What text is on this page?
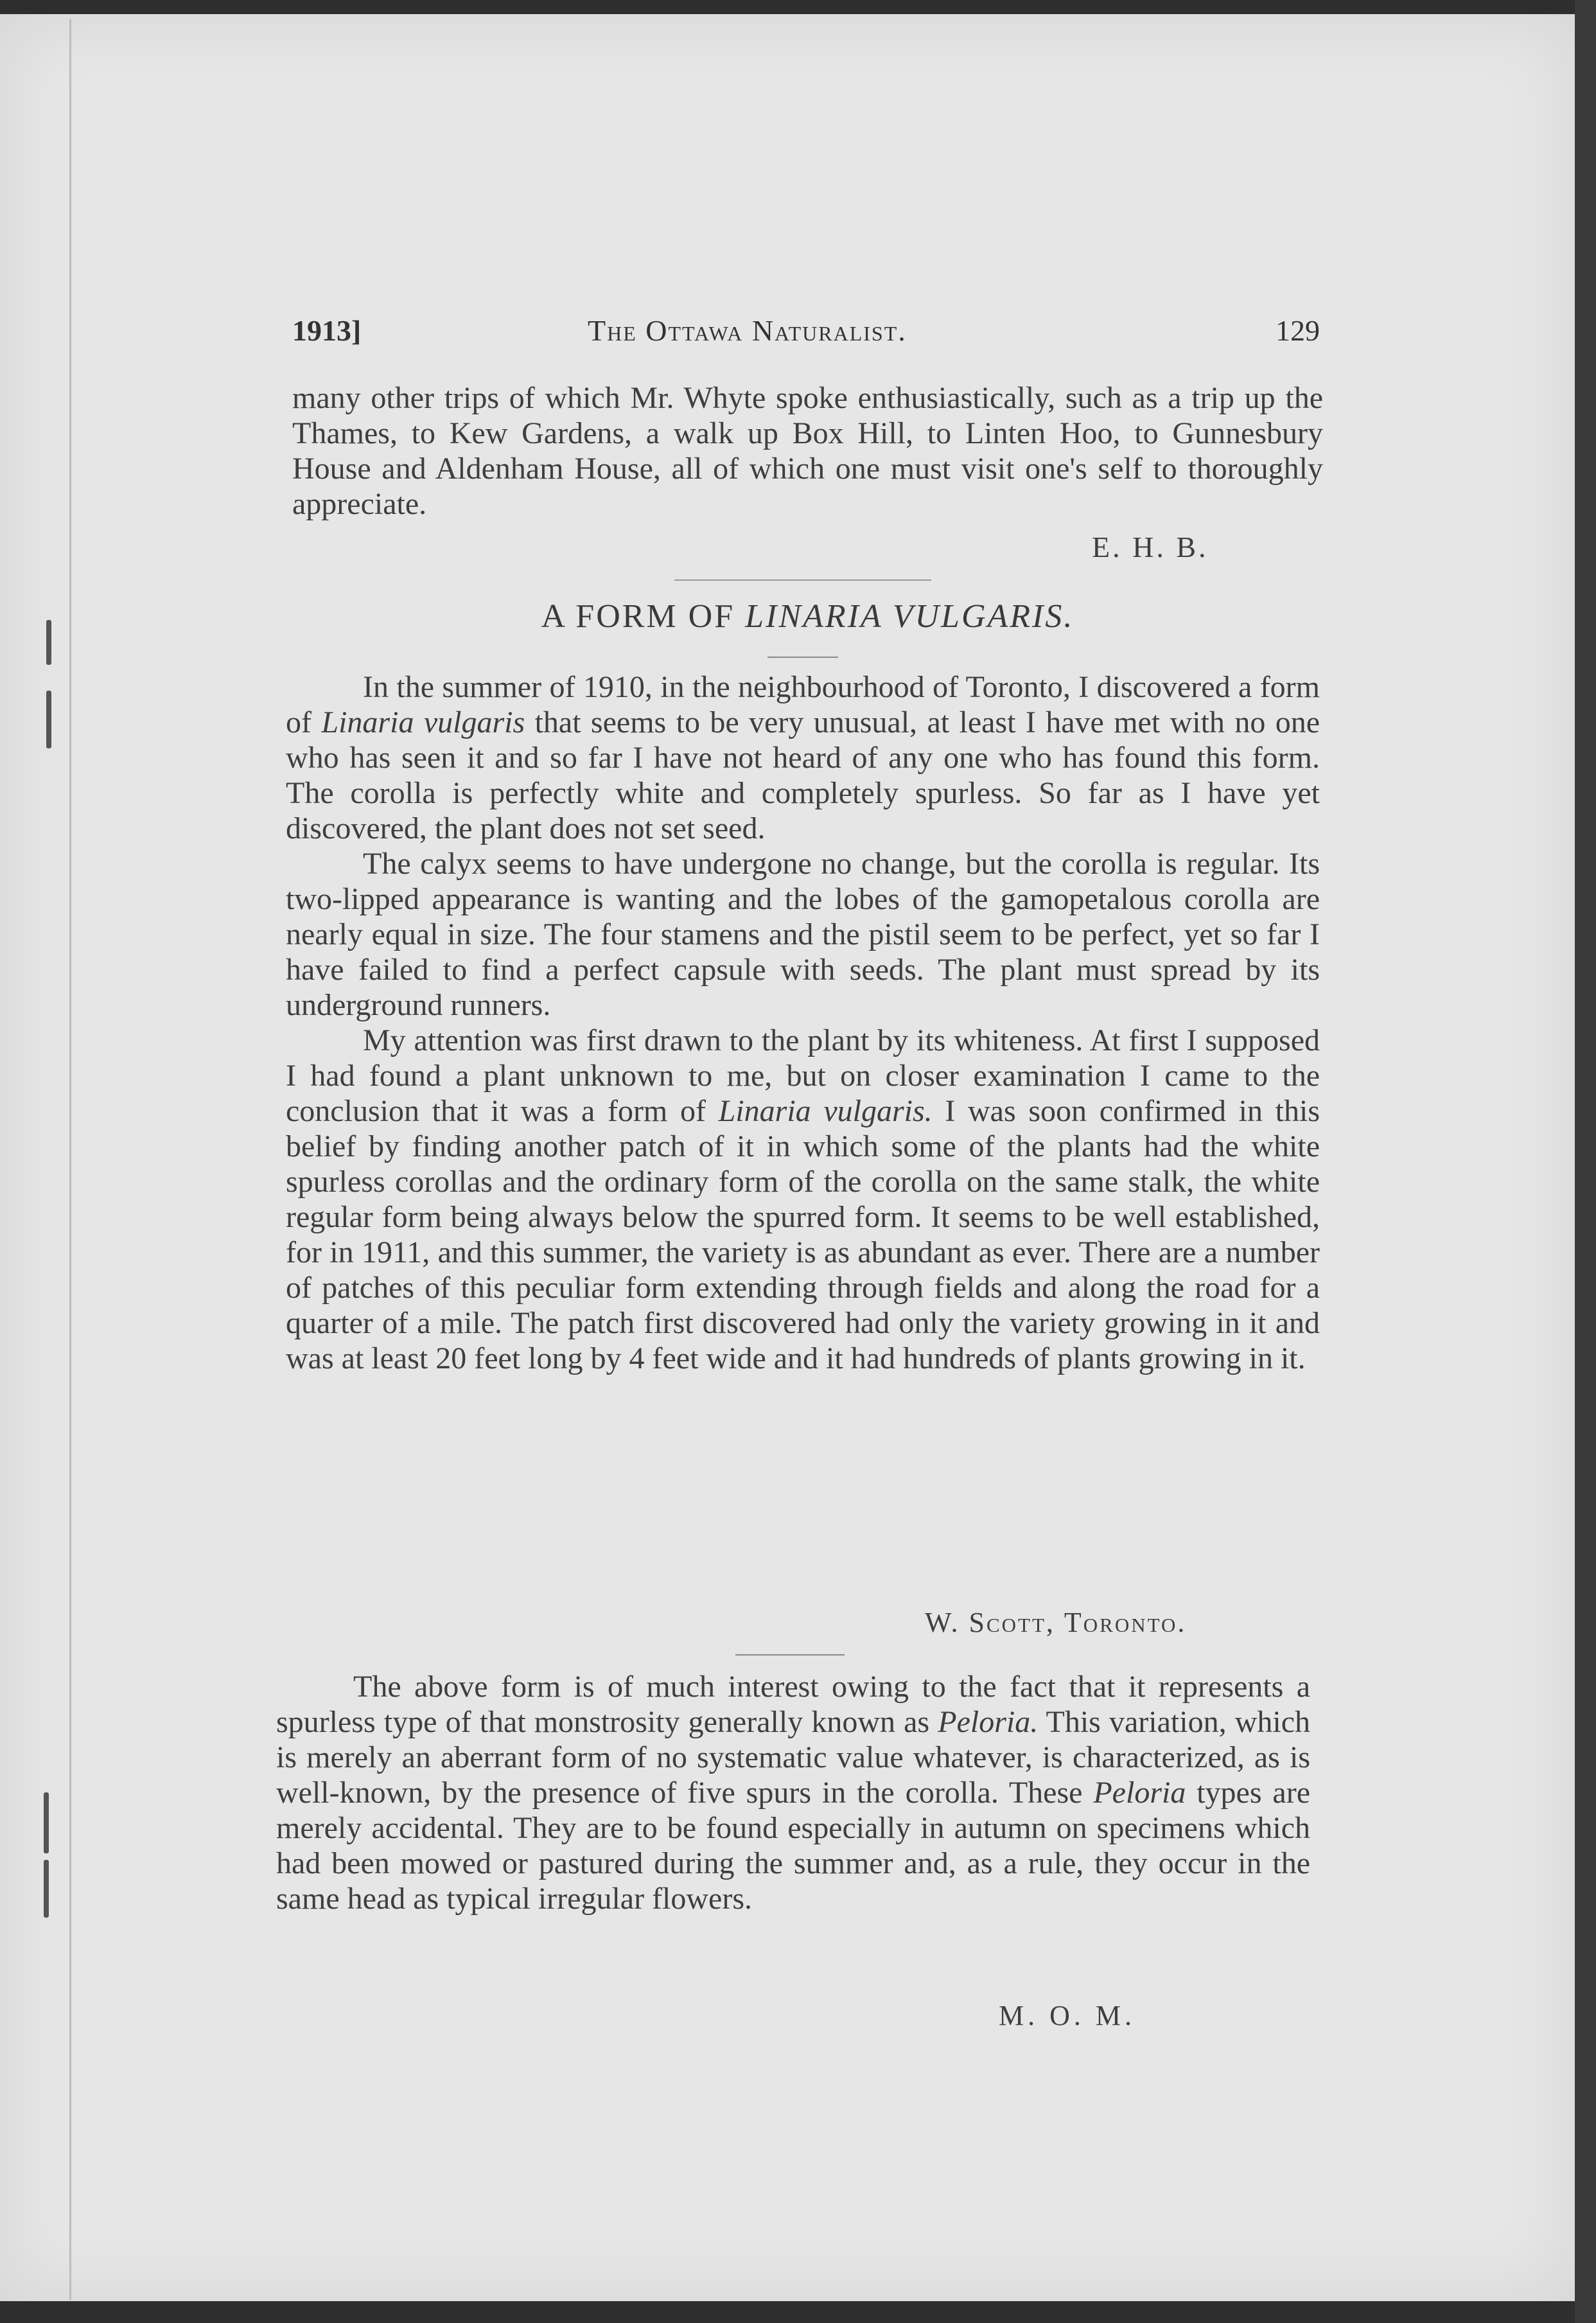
1913]	The Ottawa Naturalist.	129
many other trips of which Mr. Whyte spoke enthusiastically, such as a trip up the Thames, to Kew Gardens, a walk up Box Hill, to Linten Hoo, to Gunnesbury House and Aldenham House, all of which one must visit one's self to thoroughly appreciate.
E. H. B.
A FORM OF LINARIA VULGARIS.

In the summer of 1910, in the neighbourhood of Toronto, I discovered a form of Linaria vulgaris that seems to be very unusual, at least I have met with no one who has seen it and so far I have not heard of any one who has found this form. The corolla is perfectly white and completely spurless. So far as I have yet discovered, the plant does not set seed.

The calyx seems to have undergone no change, but the corolla is regular. Its two-lipped appearance is wanting and the lobes of the gamopetalous corolla are nearly equal in size. The four stamens and the pistil seem to be perfect, yet so far I have failed to find a perfect capsule with seeds. The plant must spread by its underground runners.

My attention was first drawn to the plant by its whiteness. At first I supposed I had found a plant unknown to me, but on closer examination I came to the conclusion that it was a form of Linaria vulgaris. I was soon confirmed in this belief by finding another patch of it in which some of the plants had the white spurless corollas and the ordinary form of the corolla on the same stalk, the white regular form being always below the spurred form. It seems to be well established, for in 1911, and this summer, the variety is as abundant as ever. There are a number of patches of this peculiar form extending through fields and along the road for a quarter of a mile. The patch first discovered had only the variety growing in it and was at least 20 feet long by 4 feet wide and it had hundreds of plants growing in it.

W. Scott, Toronto.

The above form is of much interest owing to the fact that it represents a spurless type of that monstrosity generally known as Peloria. This variation, which is merely an aberrant form of no systematic value whatever, is characterized, as is well-known, by the presence of five spurs in the corolla. These Peloria types are merely accidental. They are to be found especially in autumn on specimens which had been mowed or pastured during the summer and, as a rule, they occur in the same head as typical irregular flowers.

M. O. M.
